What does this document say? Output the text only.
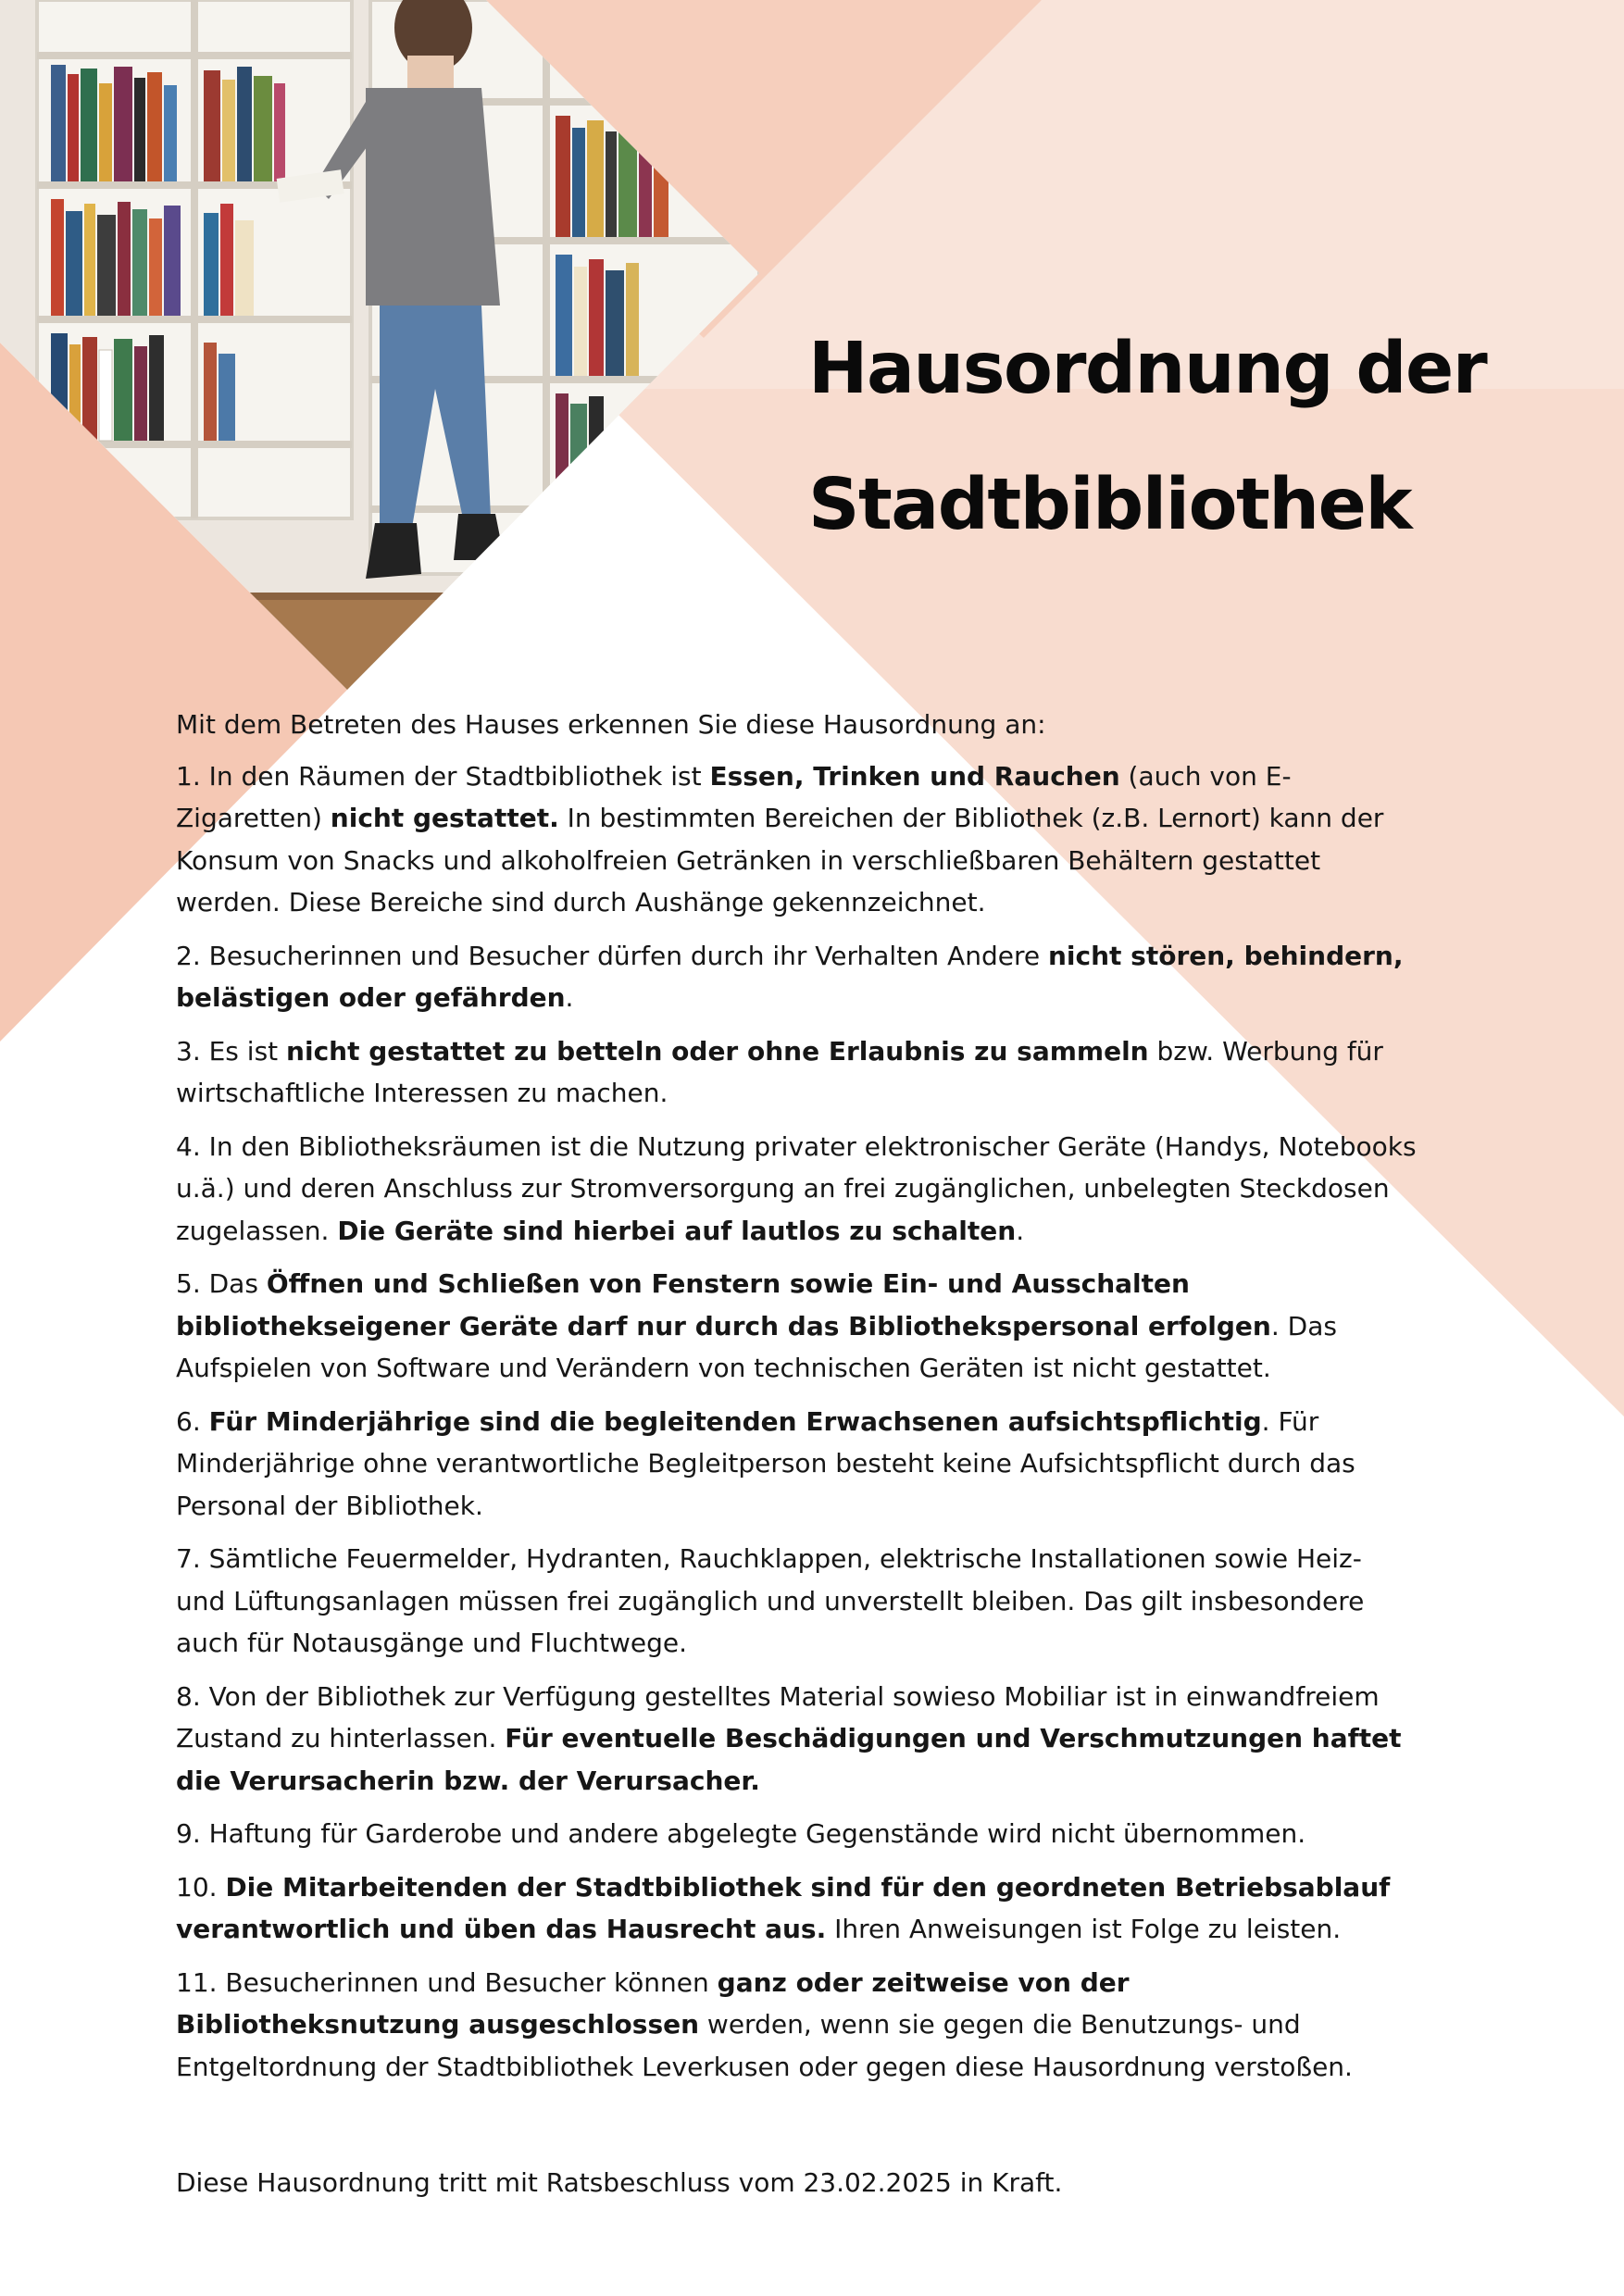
Hausordnung der
Stadtbibliothek

Mit dem Betreten des Hauses erkennen Sie diese Hausordnung an:

1. In den Räumen der Stadtbibliothek ist Essen, Trinken und Rauchen (auch von E-Zigaretten) nicht gestattet. In bestimmten Bereichen der Bibliothek (z.B. Lernort) kann der Konsum von Snacks und alkoholfreien Getränken in verschließbaren Behältern gestattet werden. Diese Bereiche sind durch Aushänge gekennzeichnet.

2. Besucherinnen und Besucher dürfen durch ihr Verhalten Andere nicht stören, behindern, belästigen oder gefährden.

3. Es ist nicht gestattet zu betteln oder ohne Erlaubnis zu sammeln bzw. Werbung für wirtschaftliche Interessen zu machen.

4. In den Bibliotheksräumen ist die Nutzung privater elektronischer Geräte (Handys, Notebooks u.ä.) und deren Anschluss zur Stromversorgung an frei zugänglichen, unbelegten Steckdosen zugelassen. Die Geräte sind hierbei auf lautlos zu schalten.

5. Das Öffnen und Schließen von Fenstern sowie Ein- und Ausschalten bibliothekseigener Geräte darf nur durch das Bibliothekspersonal erfolgen. Das Aufspielen von Software und Verändern von technischen Geräten ist nicht gestattet.

6. Für Minderjährige sind die begleitenden Erwachsenen aufsichtspflichtig. Für Minderjährige ohne verantwortliche Begleitperson besteht keine Aufsichtspflicht durch das Personal der Bibliothek.

7. Sämtliche Feuermelder, Hydranten, Rauchklappen, elektrische Installationen sowie Heiz- und Lüftungsanlagen müssen frei zugänglich und unverstellt bleiben. Das gilt insbesondere auch für Notausgänge und Fluchtwege.

8. Von der Bibliothek zur Verfügung gestelltes Material sowieso Mobiliar ist in einwandfreiem Zustand zu hinterlassen. Für eventuelle Beschädigungen und Verschmutzungen haftet die Verursacherin bzw. der Verursacher.

9. Haftung für Garderobe und andere abgelegte Gegenstände wird nicht übernommen.

10. Die Mitarbeitenden der Stadtbibliothek sind für den geordneten Betriebsablauf verantwortlich und üben das Hausrecht aus. Ihren Anweisungen ist Folge zu leisten.

11. Besucherinnen und Besucher können ganz oder zeitweise von der Bibliotheksnutzung ausgeschlossen werden, wenn sie gegen die Benutzungs- und Entgeltordnung der Stadtbibliothek Leverkusen oder gegen diese Hausordnung verstoßen.

Diese Hausordnung tritt mit Ratsbeschluss vom 23.02.2025 in Kraft.
